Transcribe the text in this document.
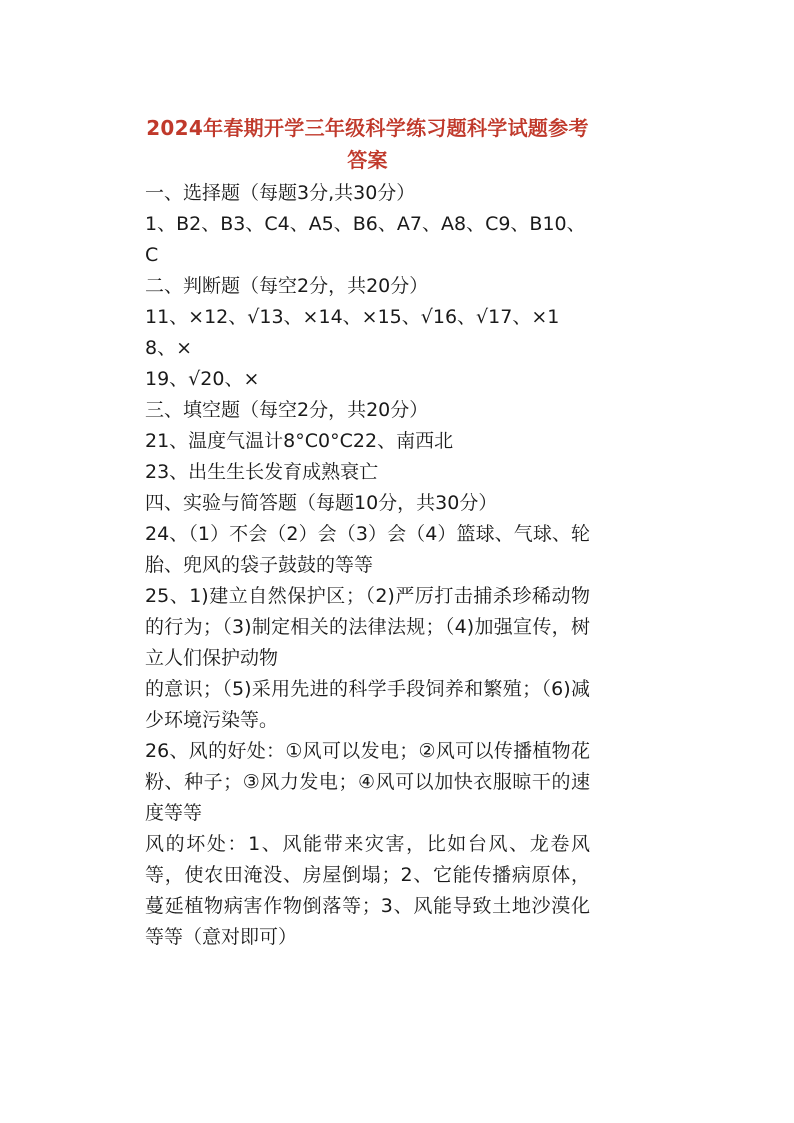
2024年春期开学三年级科学练习题科学试题参考答案

一、选择题（每题3分,共30分）

1、B2、B3、C4、A5、B6、A7、A8、C9、B10、C

二、判断题（每空2分，共20分）

11、×12、√13、×14、×15、√16、√17、×18、×

19、√20、×

三、填空题（每空2分，共20分）

21、温度气温计8°C0°C22、南西北

23、出生生长发育成熟衰亡

四、实验与简答题（每题10分，共30分）

24、（1）不会（2）会（3）会（4）篮球、气球、轮胎、兜风的袋子鼓鼓的等等

25、1)建立自然保护区；（2)严厉打击捕杀珍稀动物的行为；（3)制定相关的法律法规；（4)加强宣传，树立人们保护动物

的意识；（5)采用先进的科学手段饲养和繁殖；（6)减少环境污染等。

26、风的好处：①风可以发电；②风可以传播植物花粉、种子；③风力发电；④风可以加快衣服晾干的速度等等

风的坏处：1、风能带来灾害，比如台风、龙卷风等，使农田淹没、房屋倒塌；2、它能传播病原体，蔓延植物病害作物倒落等；3、风能导致土地沙漠化等等（意对即可）
